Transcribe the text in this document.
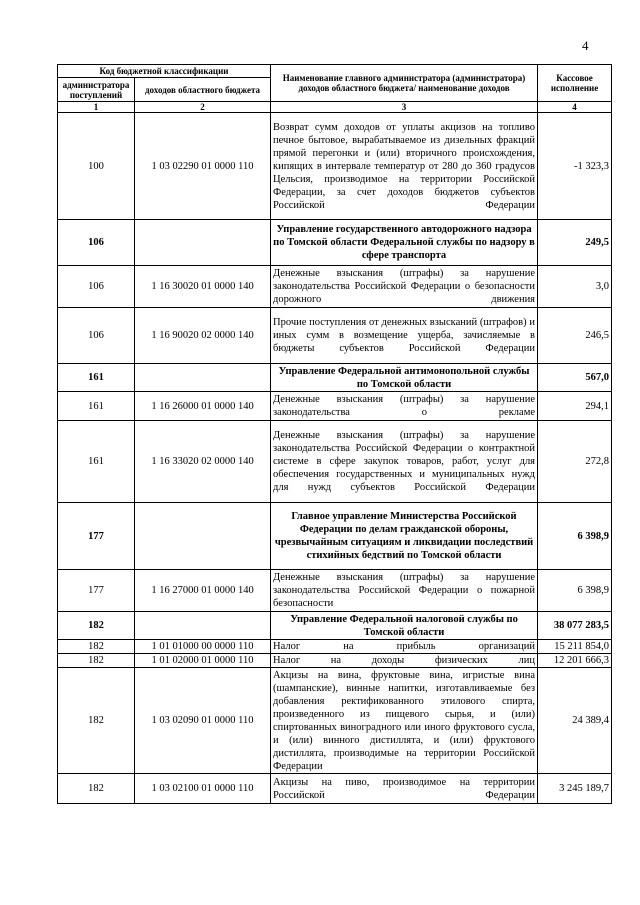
4
Код бюджетной классификации		Наименование главного администратора (администратора) доходов областного бюджета/ наименование доходов	Кассовое исполнение
администратора поступлений	доходов областного бюджета		
1	2	3	4
100	1 03 02290 01 0000 110	Возврат сумм доходов от уплаты акцизов на топливо печное бытовое, вырабатываемое из дизельных фракций прямой перегонки и (или) вторичного происхождения, кипящих в интервале температур от 280 до 360 градусов Цельсия, производимое на территории Российской Федерации, за счет доходов бюджетов субъектов Российской Федерации	-1 323,3
106		Управление государственного автодорожного надзора по Томской области Федеральной службы по надзору в сфере транспорта	249,5
106	1 16 30020 01 0000 140	Денежные взыскания (штрафы) за нарушение законодательства Российской Федерации о безопасности дорожного движения	3,0
106	1 16 90020 02 0000 140	Прочие поступления от денежных взысканий (штрафов) и иных сумм в возмещение ущерба, зачисляемые в бюджеты субъектов Российской Федерации	246,5
161		Управление Федеральной антимонопольной службы по Томской области	567,0
161	1 16 26000 01 0000 140	Денежные взыскания (штрафы) за нарушение законодательства о рекламе	294,1
161	1 16 33020 02 0000 140	Денежные взыскания (штрафы) за нарушение законодательства Российской Федерации о контрактной системе в сфере закупок товаров, работ, услуг для обеспечения государственных и муниципальных нужд для нужд субъектов Российской Федерации	272,8
177		Главное управление Министерства Российской Федерации по делам гражданской обороны, чрезвычайным ситуациям и ликвидации последствий стихийных бедствий по Томской области	6 398,9
177	1 16 27000 01 0000 140	Денежные взыскания (штрафы) за нарушение законодательства Российской Федерации о пожарной безопасности	6 398,9
182		Управление Федеральной налоговой службы по Томской области	38 077 283,5
182	1 01 01000 00 0000 110	Налог на прибыль организаций	15 211 854,0
182	1 01 02000 01 0000 110	Налог на доходы физических лиц	12 201 666,3
182	1 03 02090 01 0000 110	Акцизы на вина, фруктовые вина, игристые вина (шампанские), винные напитки, изготавливаемые без добавления ректификованного этилового спирта, произведенного из пищевого сырья, и (или) спиртованных виноградного или иного фруктового сусла, и (или) винного дистиллята, и (или) фруктового дистиллята, производимые на территории Российской Федерации	24 389,4
182	1 03 02100 01 0000 110	Акцизы на пиво, производимое на территории Российской Федерации	3 245 189,7
